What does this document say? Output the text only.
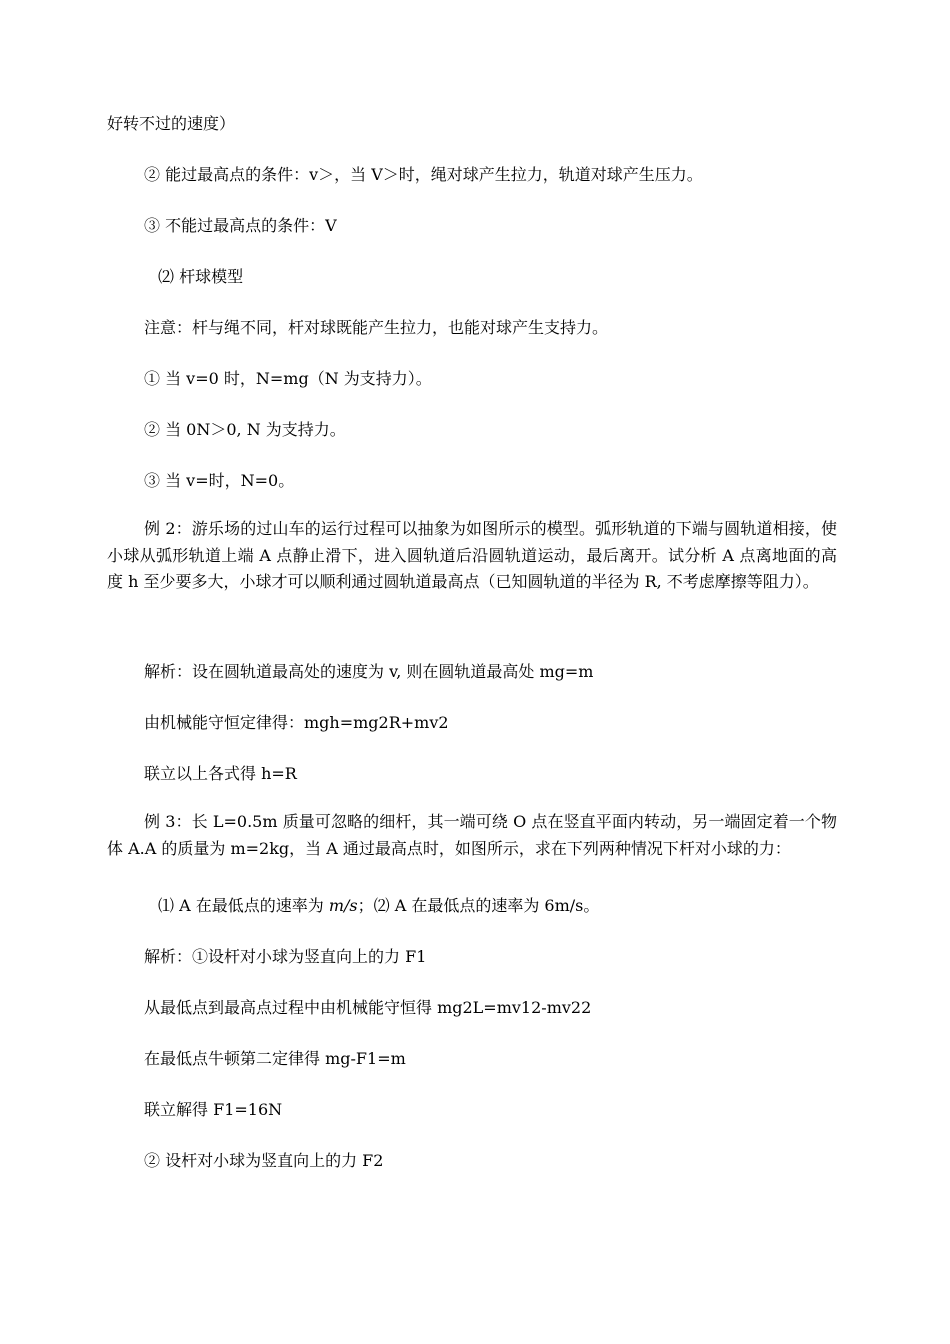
好转不过的速度）
② 能过最高点的条件：v＞，当 V＞时，绳对球产生拉力，轨道对球产生压力。
③ 不能过最高点的条件：V
⑵ 杆球模型
注意：杆与绳不同，杆对球既能产生拉力，也能对球产生支持力。
① 当 v=0 时，N=mg（N 为支持力）。
② 当 0N＞0, N 为支持力。
③ 当 v=时，N=0。
例 2：游乐场的过山车的运行过程可以抽象为如图所示的模型。弧形轨道的下端与圆轨道相接，使小球从弧形轨道上端 A 点静止滑下，进入圆轨道后沿圆轨道运动，最后离开。试分析 A 点离地面的高度 h 至少要多大，小球才可以顺利通过圆轨道最高点（已知圆轨道的半径为 R, 不考虑摩擦等阻力）。
解析：设在圆轨道最高处的速度为 v, 则在圆轨道最高处 mg=m
由机械能守恒定律得：mgh=mg2R+mv2
联立以上各式得 h=R
例 3：长 L=0.5m 质量可忽略的细杆，其一端可绕 O 点在竖直平面内转动，另一端固定着一个物体 A.A 的质量为 m=2kg，当 A 通过最高点时，如图所示，求在下列两种情况下杆对小球的力：
⑴ A 在最低点的速率为 m/s；⑵ A 在最低点的速率为 6m/s。
解析：①设杆对小球为竖直向上的力 F1
从最低点到最高点过程中由机械能守恒得 mg2L=mv12-mv22
在最低点牛顿第二定律得 mg-F1=m
联立解得 F1=16N
② 设杆对小球为竖直向上的力 F2
